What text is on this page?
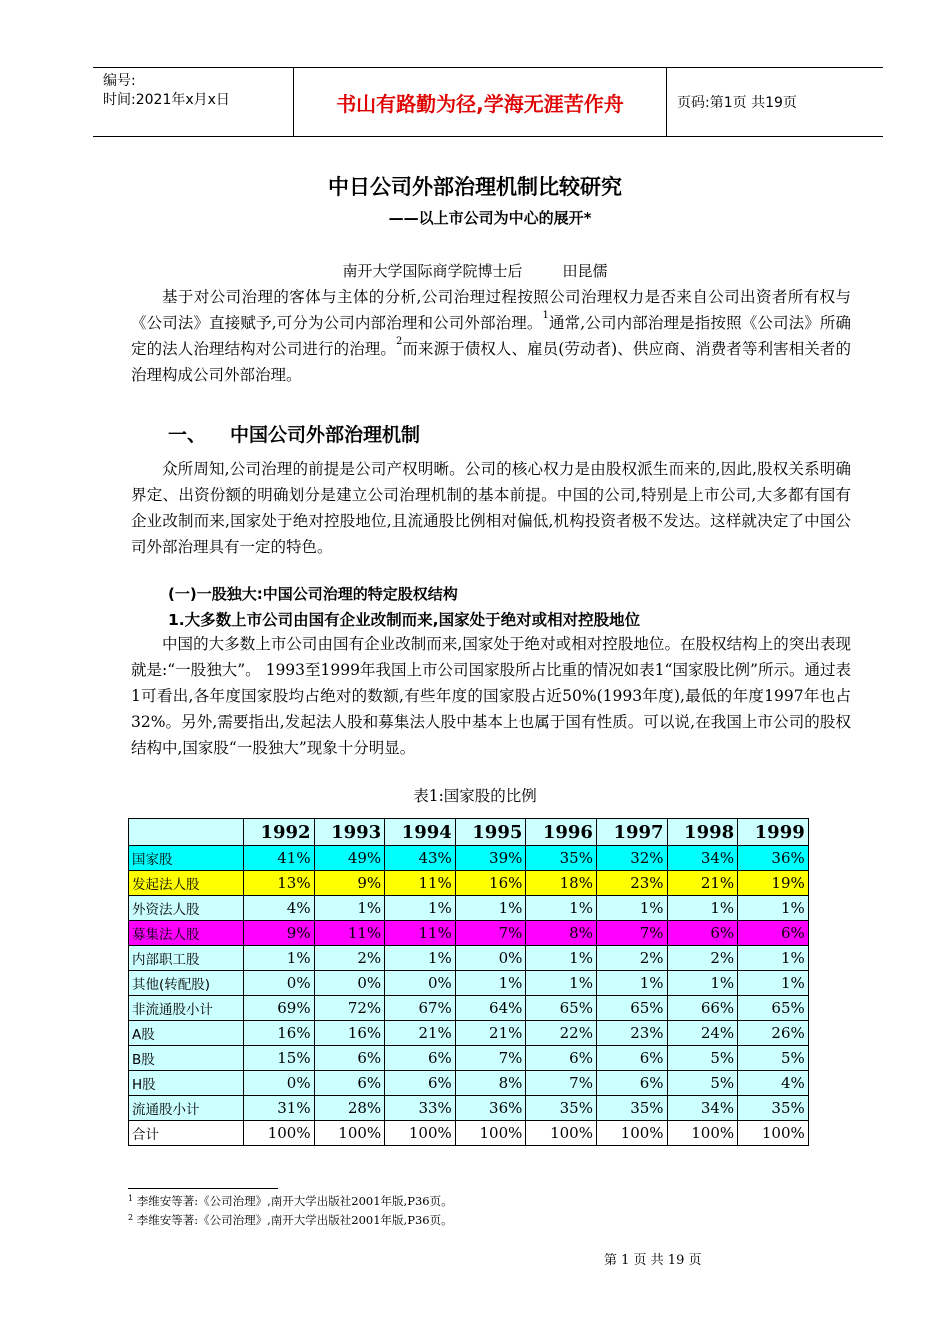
编号:
时间:2021年x月x日	书山有路勤为径,学海无涯苦作舟	页码:第1页 共19页
中日公司外部治理机制比较研究
——以上市公司为中心的展开*
南开大学国际商学院博士后	田昆儒

基于对公司治理的客体与主体的分析,公司治理过程按照公司治理权力是否来自公司出资者所有权与《公司法》直接赋予,可分为公司内部治理和公司外部治理。$^1$通常,公司内部治理是指按照《公司法》所确定的法人治理结构对公司进行的治理。$^2$而来源于债权人、雇员(劳动者)、供应商、消费者等利害相关者的治理构成公司外部治理。

一、 中国公司外部治理机制

众所周知,公司治理的前提是公司产权明晰。公司的核心权力是由股权派生而来的,因此,股权关系明确界定、出资份额的明确划分是建立公司治理机制的基本前提。中国的公司,特别是上市公司,大多都有国有企业改制而来,国家处于绝对控股地位,且流通股比例相对偏低,机构投资者极不发达。这样就决定了中国公司外部治理具有一定的特色。

(一)一股独大:中国公司治理的特定股权结构
1.大多数上市公司由国有企业改制而来,国家处于绝对或相对控股地位

中国的大多数上市公司由国有企业改制而来,国家处于绝对或相对控股地位。在股权结构上的突出表现就是:“一股独大”。 1993至1999年我国上市公司国家股所占比重的情况如表1“国家股比例”所示。通过表1可看出,各年度国家股均占绝对的数额,有些年度的国家股占近50%(1993年度),最低的年度1997年也占32%。另外,需要指出,发起法人股和募集法人股中基本上也属于国有性质。可以说,在我国上市公司的股权结构中,国家股“一股独大”现象十分明显。

表1:国家股的比例
	1992	1993	1994	1995	1996	1997	1998	1999
国家股	41%	49%	43%	39%	35%	32%	34%	36%
发起法人股	13%	9%	11%	16%	18%	23%	21%	19%
外资法人股	4%	1%	1%	1%	1%	1%	1%	1%
募集法人股	9%	11%	11%	7%	8%	7%	6%	6%
内部职工股	1%	2%	1%	0%	1%	2%	2%	1%
其他(转配股)	0%	0%	0%	1%	1%	1%	1%	1%
非流通股小计	69%	72%	67%	64%	65%	65%	66%	65%
A股	16%	16%	21%	21%	22%	23%	24%	26%
B股	15%	6%	6%	7%	6%	6%	5%	5%
H股	0%	6%	6%	8%	7%	6%	5%	4%
流通股小计	31%	28%	33%	36%	35%	35%	34%	35%
合计	100%	100%	100%	100%	100%	100%	100%	100%
$^1$ 李维安等著:《公司治理》,南开大学出版社2001年版,P36页。
$^2$ 李维安等著:《公司治理》,南开大学出版社2001年版,P36页。
第 1 页 共 19 页
